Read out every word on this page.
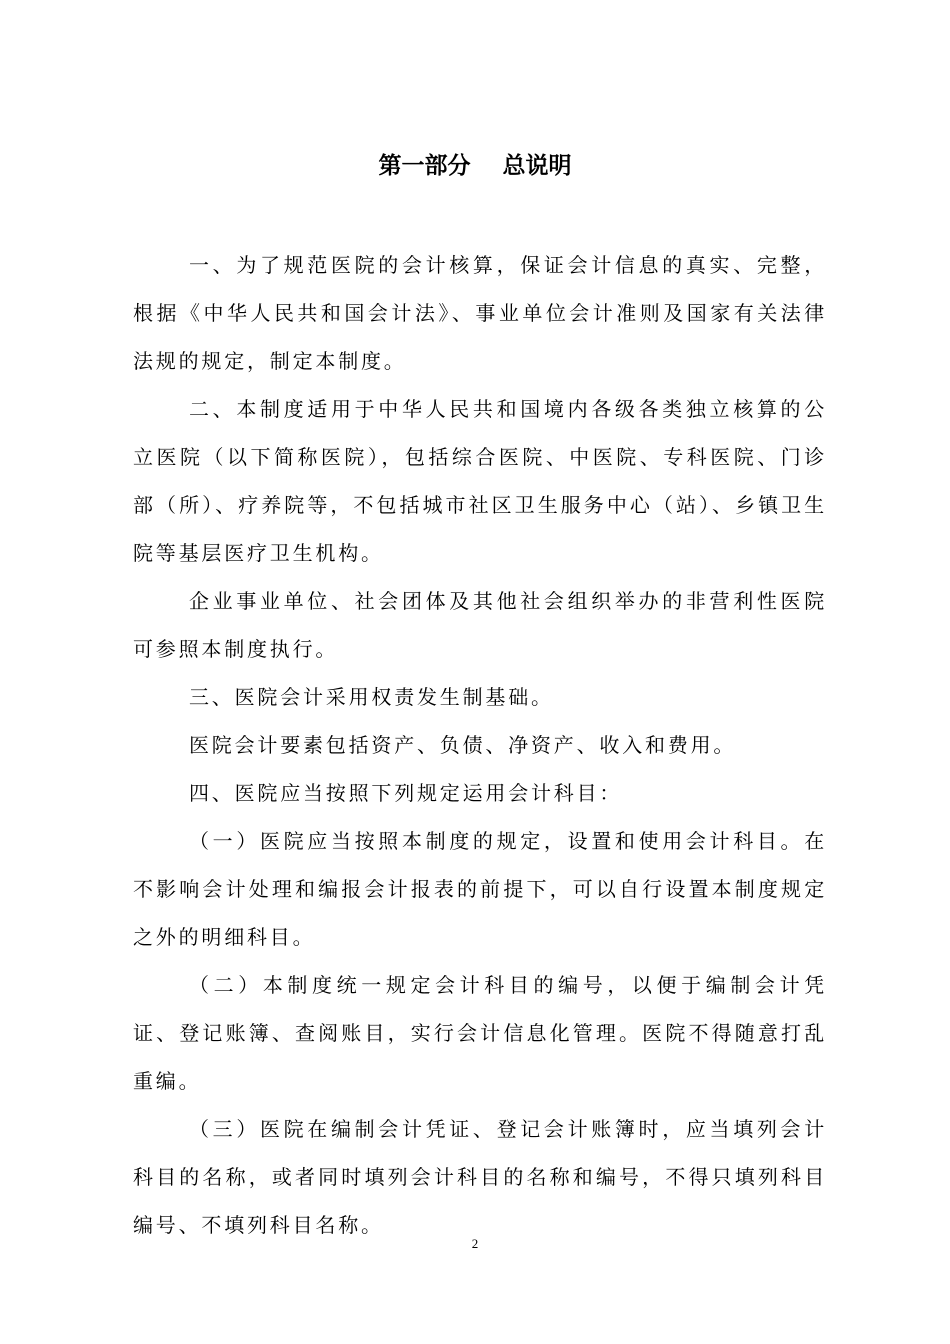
第一部分    总说明

一、为了规范医院的会计核算，保证会计信息的真实、完整，根据《中华人民共和国会计法》、事业单位会计准则及国家有关法律法规的规定，制定本制度。

二、本制度适用于中华人民共和国境内各级各类独立核算的公立医院（以下简称医院），包括综合医院、中医院、专科医院、门诊部（所）、疗养院等，不包括城市社区卫生服务中心（站）、乡镇卫生院等基层医疗卫生机构。

企业事业单位、社会团体及其他社会组织举办的非营利性医院可参照本制度执行。

三、医院会计采用权责发生制基础。

医院会计要素包括资产、负债、净资产、收入和费用。

四、医院应当按照下列规定运用会计科目：

（一）医院应当按照本制度的规定，设置和使用会计科目。在不影响会计处理和编报会计报表的前提下，可以自行设置本制度规定之外的明细科目。

（二）本制度统一规定会计科目的编号，以便于编制会计凭证、登记账簿、查阅账目，实行会计信息化管理。医院不得随意打乱重编。

（三）医院在编制会计凭证、登记会计账簿时，应当填列会计科目的名称，或者同时填列会计科目的名称和编号，不得只填列科目编号、不填列科目名称。

2
